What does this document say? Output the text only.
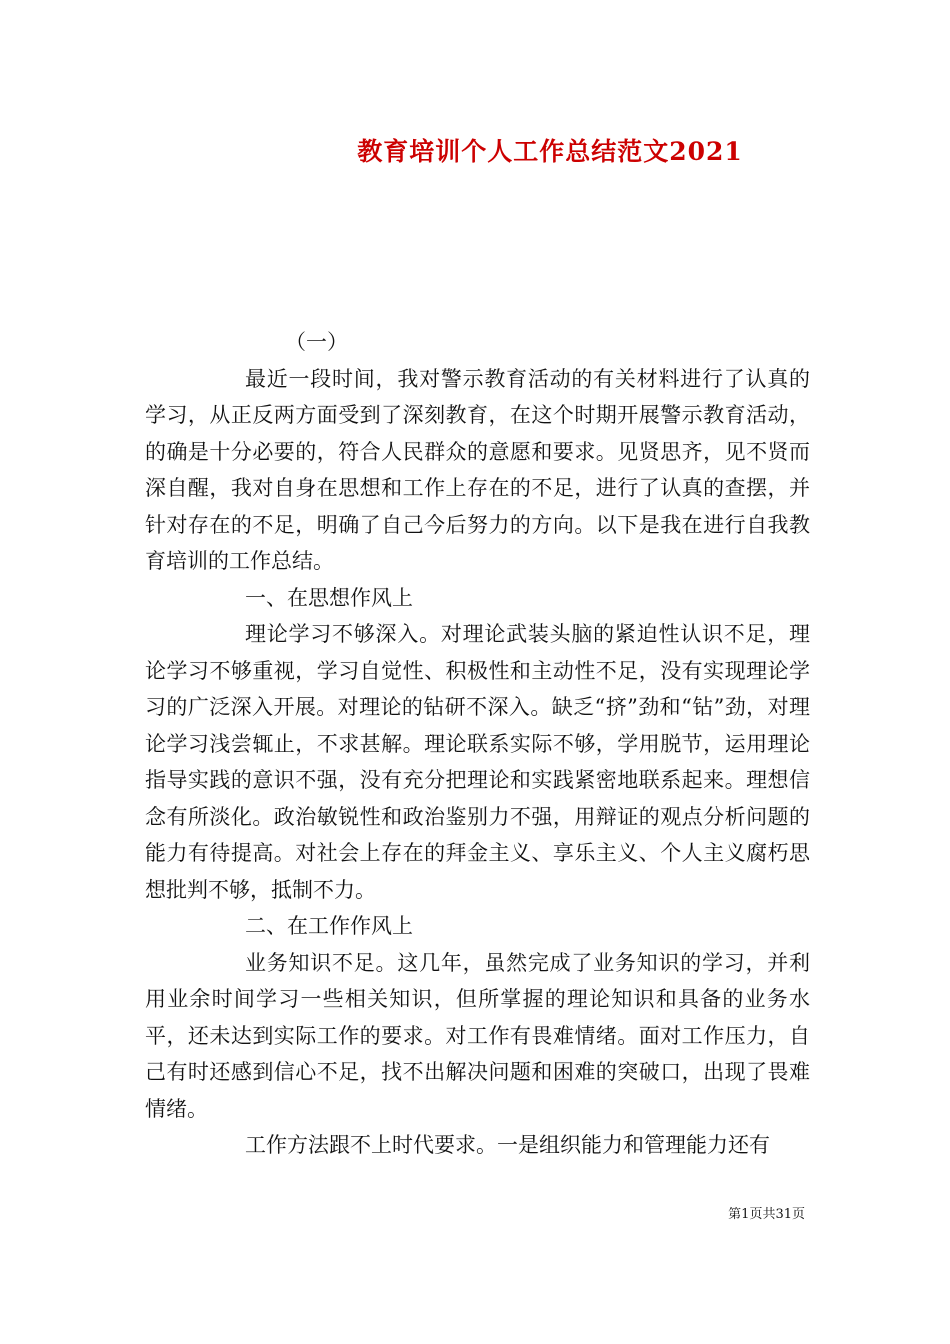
教育培训个人工作总结范文2021

（一）

最近一段时间，我对警示教育活动的有关材料进行了认真的学习，从正反两方面受到了深刻教育，在这个时期开展警示教育活动，的确是十分必要的，符合人民群众的意愿和要求。见贤思齐，见不贤而深自醒，我对自身在思想和工作上存在的不足，进行了认真的查摆，并针对存在的不足，明确了自己今后努力的方向。以下是我在进行自我教育培训的工作总结。

一、在思想作风上

理论学习不够深入。对理论武装头脑的紧迫性认识不足，理论学习不够重视，学习自觉性、积极性和主动性不足，没有实现理论学习的广泛深入开展。对理论的钻研不深入。缺乏“挤”劲和“钻”劲，对理论学习浅尝辄止，不求甚解。理论联系实际不够，学用脱节，运用理论指导实践的意识不强，没有充分把理论和实践紧密地联系起来。理想信念有所淡化。政治敏锐性和政治鉴别力不强，用辩证的观点分析问题的能力有待提高。对社会上存在的拜金主义、享乐主义、个人主义腐朽思想批判不够，抵制不力。

二、在工作作风上

业务知识不足。这几年，虽然完成了业务知识的学习，并利用业余时间学习一些相关知识，但所掌握的理论知识和具备的业务水平，还未达到实际工作的要求。对工作有畏难情绪。面对工作压力，自己有时还感到信心不足，找不出解决问题和困难的突破口，出现了畏难情绪。

工作方法跟不上时代要求。一是组织能力和管理能力还有

第1页共31页
